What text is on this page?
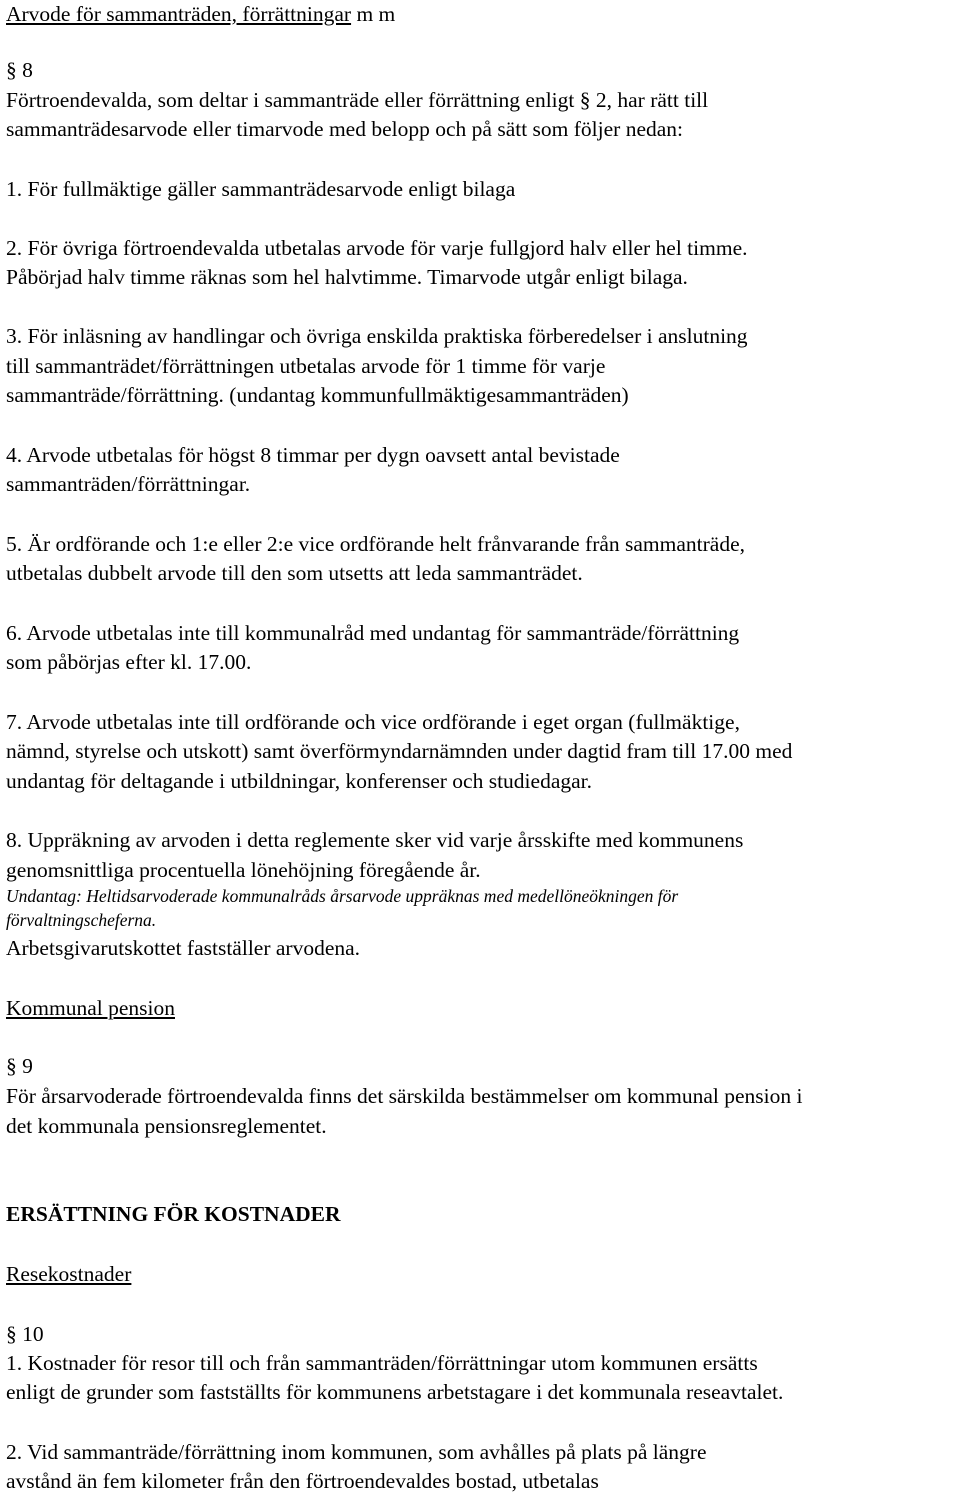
Arvode för sammanträden, förrättningar m m
§ 8
Förtroendevalda, som deltar i sammanträde eller förrättning enligt § 2, har rätt till
sammanträdesarvode eller timarvode med belopp och på sätt som följer nedan:
1. För fullmäktige gäller sammanträdesarvode enligt bilaga
2. För övriga förtroendevalda utbetalas arvode för varje fullgjord halv eller hel timme.
Påbörjad halv timme räknas som hel halvtimme. Timarvode utgår enligt bilaga.
3. För inläsning av handlingar och övriga enskilda praktiska förberedelser i anslutning
till sammanträdet/förrättningen utbetalas arvode för 1 timme för varje
sammanträde/förrättning. (undantag kommunfullmäktigesammanträden)
4. Arvode utbetalas för högst 8 timmar per dygn oavsett antal bevistade
sammanträden/förrättningar.
5. Är ordförande och 1:e eller 2:e vice ordförande helt frånvarande från sammanträde,
utbetalas dubbelt arvode till den som utsetts att leda sammanträdet.
6. Arvode utbetalas inte till kommunalråd med undantag för sammanträde/förrättning
som påbörjas efter kl. 17.00.
7. Arvode utbetalas inte till ordförande och vice ordförande i eget organ (fullmäktige,
nämnd, styrelse och utskott) samt överförmyndarnämnden under dagtid fram till 17.00 med
undantag för deltagande i utbildningar, konferenser och studiedagar.
8. Uppräkning av arvoden i detta reglemente sker vid varje årsskifte med kommunens
genomsnittliga procentuella lönehöjning föregående år.
Undantag: Heltidsarvoderade kommunalråds årsarvode uppräknas med medellöneökningen för
förvaltningscheferna.
Arbetsgivarutskottet fastställer arvodena.
Kommunal pension
§ 9
För årsarvoderade förtroendevalda finns det särskilda bestämmelser om kommunal pension i
det kommunala pensionsreglementet.
ERSÄTTNING FÖR KOSTNADER
Resekostnader
§ 10
1. Kostnader för resor till och från sammanträden/förrättningar utom kommunen ersätts
enligt de grunder som fastställts för kommunens arbetstagare i det kommunala reseavtalet.
2. Vid sammanträde/förrättning inom kommunen, som avhålles på plats på längre
avstånd än fem kilometer från den förtroendevaldes bostad, utbetalas
